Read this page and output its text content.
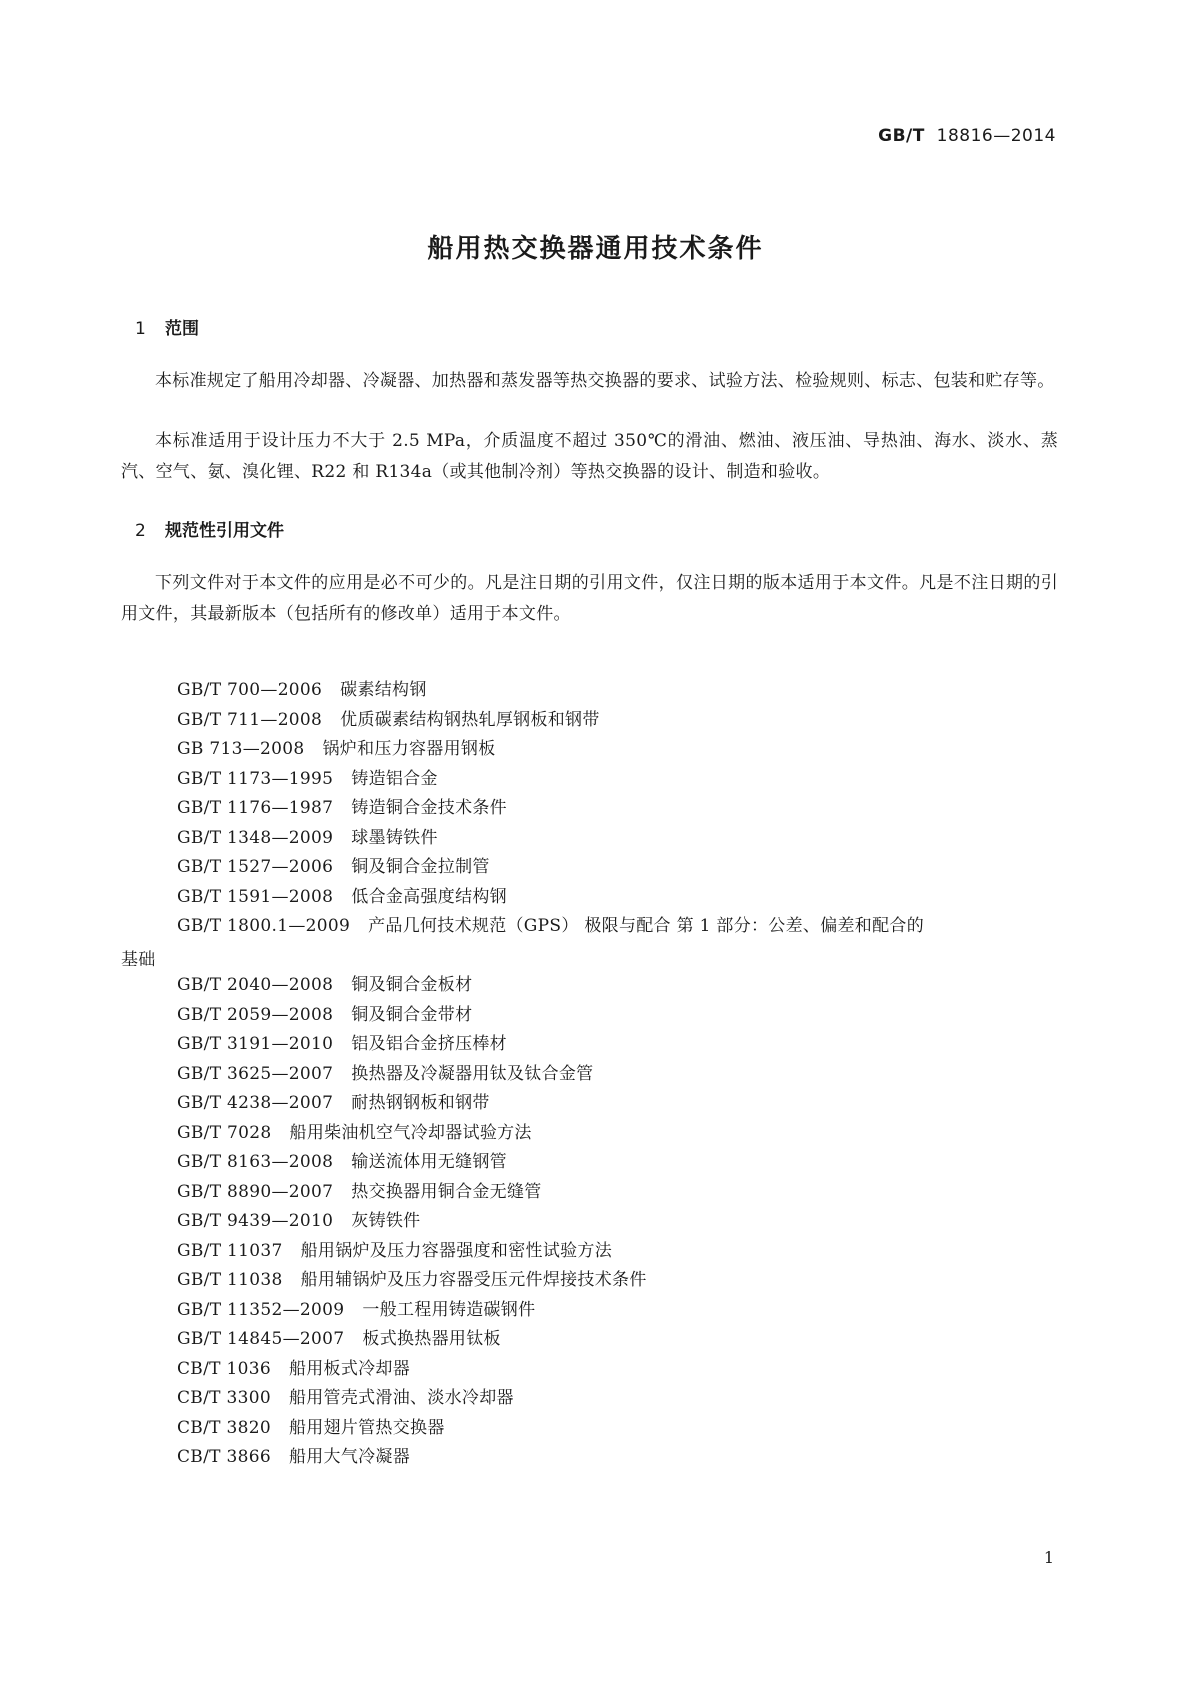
GB/T 18816—2014
船用热交换器通用技术条件
1 范围
本标准规定了船用冷却器、冷凝器、加热器和蒸发器等热交换器的要求、试验方法、检验规则、标志、包装和贮存等。
本标准适用于设计压力不大于 2.5 MPa，介质温度不超过 350℃的滑油、燃油、液压油、导热油、海水、淡水、蒸汽、空气、氨、溴化锂、R22 和 R134a（或其他制冷剂）等热交换器的设计、制造和验收。
2 规范性引用文件
下列文件对于本文件的应用是必不可少的。凡是注日期的引用文件，仅注日期的版本适用于本文件。凡是不注日期的引用文件，其最新版本（包括所有的修改单）适用于本文件。
GB/T 700—2006 碳素结构钢
GB/T 711—2008 优质碳素结构钢热轧厚钢板和钢带
GB 713—2008 锅炉和压力容器用钢板
GB/T 1173—1995 铸造铝合金
GB/T 1176—1987 铸造铜合金技术条件
GB/T 1348—2009 球墨铸铁件
GB/T 1527—2006 铜及铜合金拉制管
GB/T 1591—2008 低合金高强度结构钢
GB/T 1800.1—2009 产品几何技术规范（GPS） 极限与配合 第 1 部分：公差、偏差和配合的
基础
GB/T 2040—2008 铜及铜合金板材
GB/T 2059—2008 铜及铜合金带材
GB/T 3191—2010 铝及铝合金挤压棒材
GB/T 3625—2007 换热器及冷凝器用钛及钛合金管
GB/T 4238—2007 耐热钢钢板和钢带
GB/T 7028 船用柴油机空气冷却器试验方法
GB/T 8163—2008 输送流体用无缝钢管
GB/T 8890—2007 热交换器用铜合金无缝管
GB/T 9439—2010 灰铸铁件
GB/T 11037 船用锅炉及压力容器强度和密性试验方法
GB/T 11038 船用辅锅炉及压力容器受压元件焊接技术条件
GB/T 11352—2009 一般工程用铸造碳钢件
GB/T 14845—2007 板式换热器用钛板
CB/T 1036 船用板式冷却器
CB/T 3300 船用管壳式滑油、淡水冷却器
CB/T 3820 船用翅片管热交换器
CB/T 3866 船用大气冷凝器
1
